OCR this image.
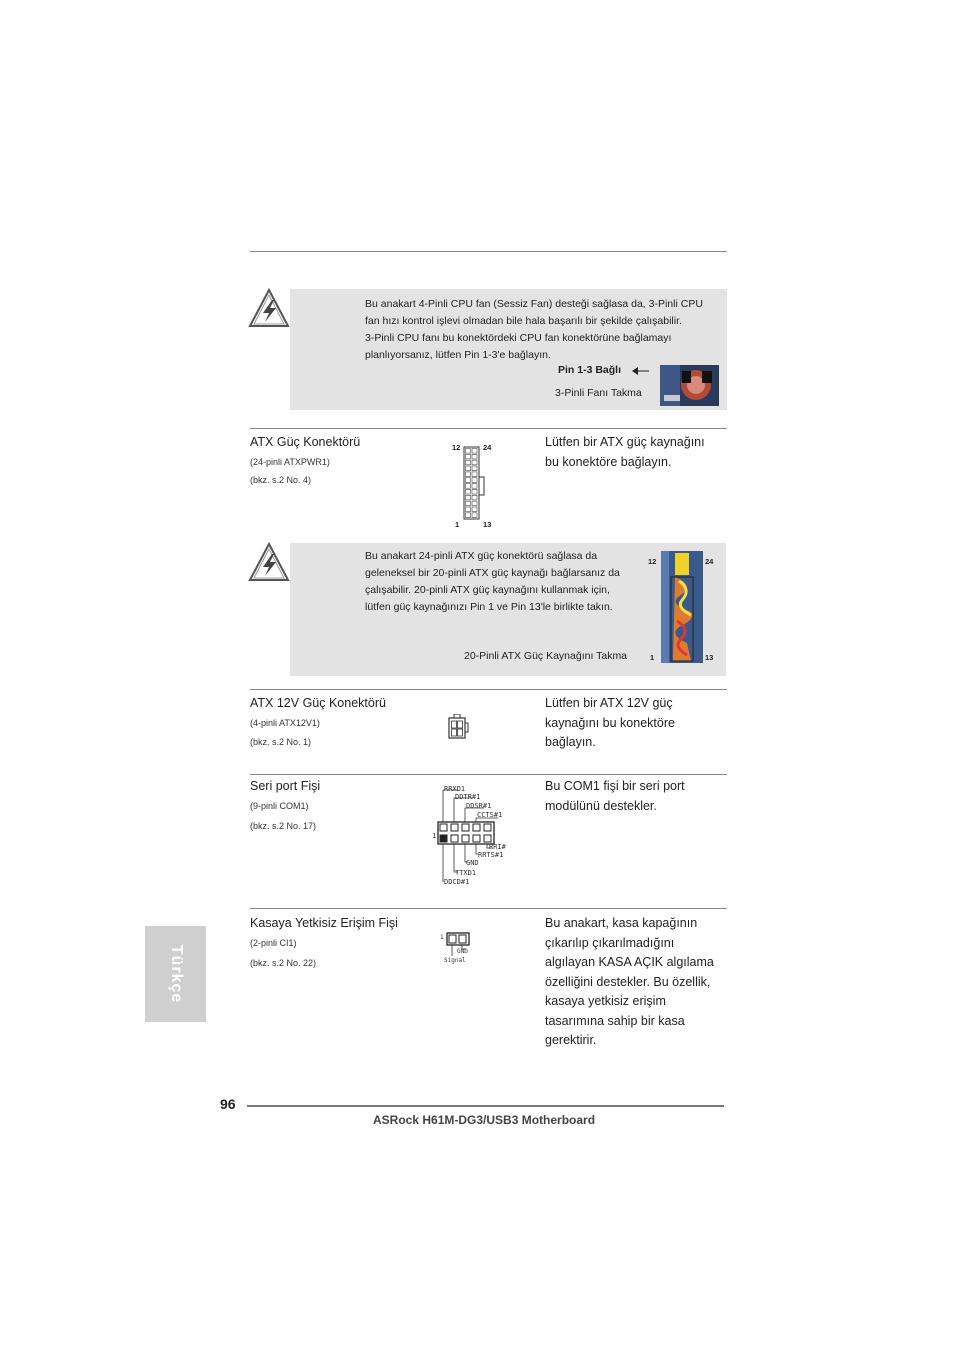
Bu anakart 4-Pinli CPU fan (Sessiz Fan) desteği sağlasa da, 3-Pinli CPU
fan hızı kontrol işlevi olmadan bile hala başarılı bir şekilde çalışabilir.
3-Pinli CPU fanı bu konektördeki CPU fan konektörüne bağlamayı
planlıyorsanız, lütfen Pin 1-3'e bağlayın.
Pin 1-3 Bağlı
3-Pinli Fanı Takma
ATX Güç Konektörü
(24-pinli ATXPWR1)
(bkz. s.2 No. 4)
Lütfen bir ATX güç kaynağını
bu konektöre bağlayın.
12	24
1	13
Bu anakart 24-pinli ATX güç konektörü sağlasa da
geleneksel bir 20-pinli ATX güç kaynağı bağlarsanız da
çalışabilir. 20-pinli ATX güç kaynağını kullanmak için,
lütfen güç kaynağınızı Pin 1 ve Pin 13'le birlikte takın.
20-Pinli ATX Güç Kaynağını Takma
12	24
1	13
ATX 12V Güç Konektörü
(4-pinli ATX12V1)
(bkz. s.2 No. 1)
Lütfen bir ATX 12V güç
kaynağını bu konektöre
bağlayın.
Seri port Fişi
(9-pinli COM1)
(bkz. s.2 No. 17)
Bu COM1 fişi bir seri port
modülünü destekler.
RRXD1
DDTR#1
DDSR#1
CCTS#1
1
RRI#
RRTS#1
GND
TTXD1
DDCD#1
Kasaya Yetkisiz Erişim Fişi
(2-pinli CI1)
(bkz. s.2 No. 22)
Bu anakart, kasa kapağının
çıkarılıp çıkarılmadığını
algılayan KASA AÇIK algılama
özelliğini destekler. Bu özellik,
kasaya yetkisiz erişim
tasarımına sahip bir kasa
gerektirir.
1
GND
Signal
Türkçe
96
ASRock H61M-DG3/USB3 Motherboard
